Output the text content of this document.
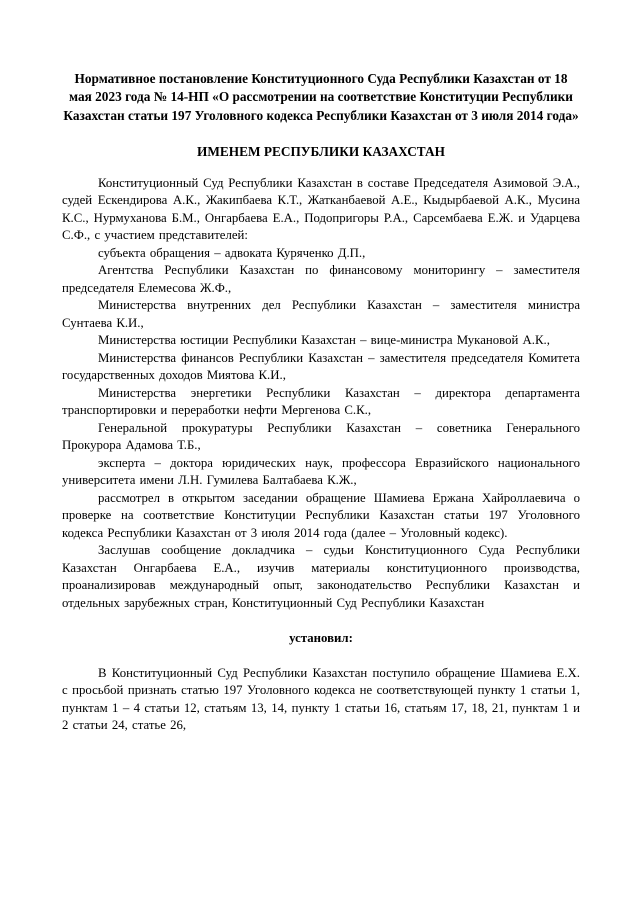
Нормативное постановление Конституционного Суда Республики Казахстан от 18 мая 2023 года № 14-НП «О рассмотрении на соответствие Конституции Республики Казахстан статьи 197 Уголовного кодекса Республики Казахстан от 3 июля 2014 года»
ИМЕНЕМ РЕСПУБЛИКИ КАЗАХСТАН

Конституционный Суд Республики Казахстан в составе Председателя Азимовой Э.А., судей Ескендирова А.К., Жакипбаева К.Т., Жатканбаевой А.Е., Кыдырбаевой А.К., Мусина К.С., Нурмуханова Б.М., Онгарбаева Е.А., Подопригоры Р.А., Сарсембаева Е.Ж. и Ударцева С.Ф., с участием представителей:

субъекта обращения – адвоката Куряченко Д.П.,

Агентства Республики Казахстан по финансовому мониторингу – заместителя председателя Елемесова Ж.Ф.,

Министерства внутренних дел Республики Казахстан – заместителя министра Сунтаева К.И.,

Министерства юстиции Республики Казахстан – вице-министра Мукановой А.К.,

Министерства финансов Республики Казахстан – заместителя председателя Комитета государственных доходов Миятова К.И.,

Министерства энергетики Республики Казахстан – директора департамента транспортировки и переработки нефти Мергенова С.К.,

Генеральной прокуратуры Республики Казахстан – советника Генерального Прокурора Адамова Т.Б.,

эксперта – доктора юридических наук, профессора Евразийского национального университета имени Л.Н. Гумилева Балтабаева К.Ж.,

рассмотрел в открытом заседании обращение Шамиева Ержана Хайроллаевича о проверке на соответствие Конституции Республики Казахстан статьи 197 Уголовного кодекса Республики Казахстан от 3 июля 2014 года (далее – Уголовный кодекс).

Заслушав сообщение докладчика – судьи Конституционного Суда Республики Казахстан Онгарбаева Е.А., изучив материалы конституционного производства, проанализировав международный опыт, законодательство Республики Казахстан и отдельных зарубежных стран, Конституционный Суд Республики Казахстан

установил:

В Конституционный Суд Республики Казахстан поступило обращение Шамиева Е.Х. с просьбой признать статью 197 Уголовного кодекса не соответствующей пункту 1 статьи 1, пунктам 1 – 4 статьи 12, статьям 13, 14, пункту 1 статьи 16, статьям 17, 18, 21, пунктам 1 и 2 статьи 24, статье 26,
